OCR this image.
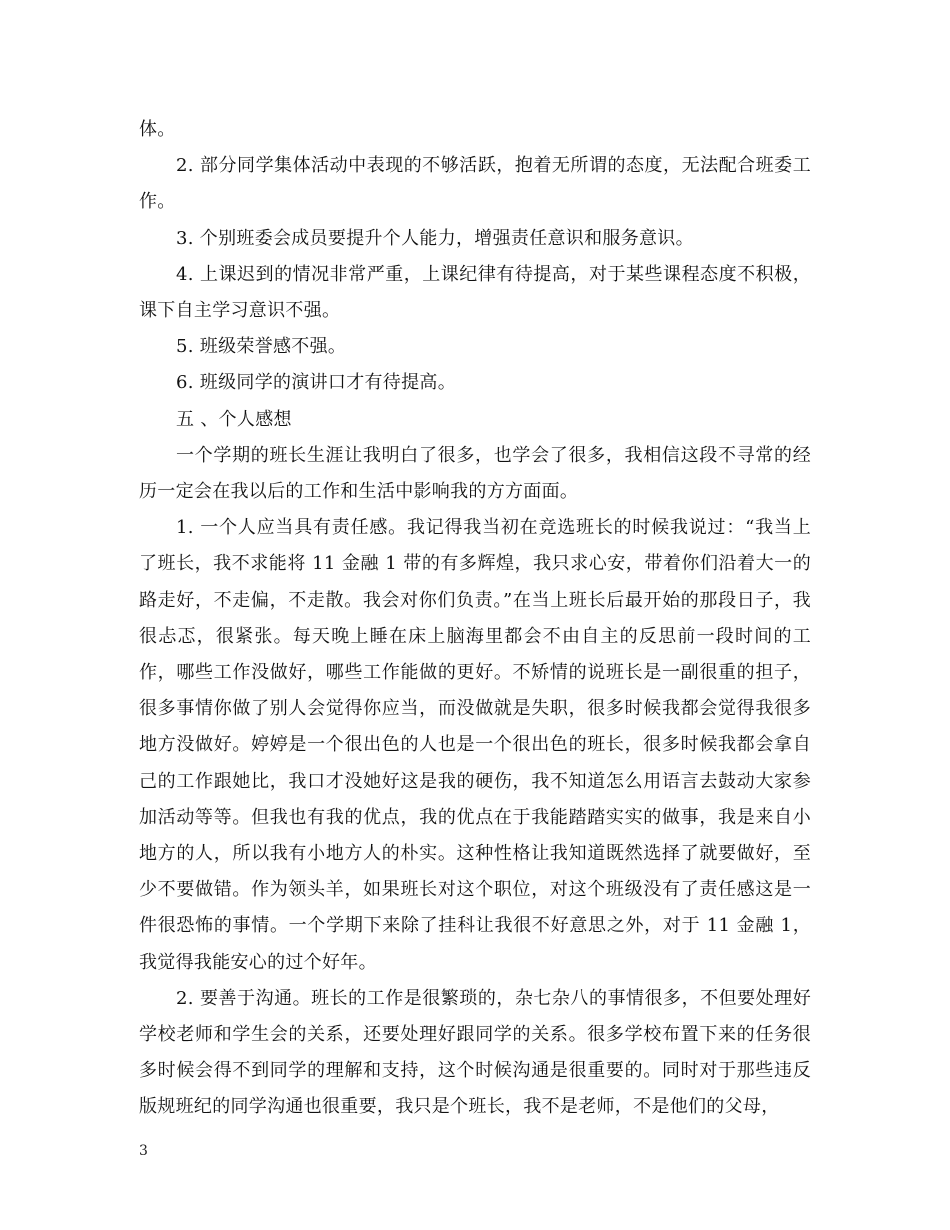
体。

2. 部分同学集体活动中表现的不够活跃，抱着无所谓的态度，无法配合班委工作。

3. 个别班委会成员要提升个人能力，增强责任意识和服务意识。

4. 上课迟到的情况非常严重，上课纪律有待提高，对于某些课程态度不积极，课下自主学习意识不强。

5. 班级荣誉感不强。

6. 班级同学的演讲口才有待提高。

五 、个人感想

一个学期的班长生涯让我明白了很多，也学会了很多，我相信这段不寻常的经历一定会在我以后的工作和生活中影响我的方方面面。

1. 一个人应当具有责任感。我记得我当初在竞选班长的时候我说过：“我当上了班长，我不求能将 11 金融 1 带的有多辉煌，我只求心安，带着你们沿着大一的路走好，不走偏，不走散。我会对你们负责。”在当上班长后最开始的那段日子，我很忐忑，很紧张。每天晚上睡在床上脑海里都会不由自主的反思前一段时间的工作，哪些工作没做好，哪些工作能做的更好。不矫情的说班长是一副很重的担子，很多事情你做了别人会觉得你应当，而没做就是失职，很多时候我都会觉得我很多地方没做好。婷婷是一个很出色的人也是一个很出色的班长，很多时候我都会拿自己的工作跟她比，我口才没她好这是我的硬伤，我不知道怎么用语言去鼓动大家参加活动等等。但我也有我的优点，我的优点在于我能踏踏实实的做事，我是来自小地方的人，所以我有小地方人的朴实。这种性格让我知道既然选择了就要做好，至少不要做错。作为领头羊，如果班长对这个职位，对这个班级没有了责任感这是一件很恐怖的事情。一个学期下来除了挂科让我很不好意思之外，对于 11 金融 1，我觉得我能安心的过个好年。

2. 要善于沟通。班长的工作是很繁琐的，杂七杂八的事情很多，不但要处理好学校老师和学生会的关系，还要处理好跟同学的关系。很多学校布置下来的任务很多时候会得不到同学的理解和支持，这个时候沟通是很重要的。同时对于那些违反版规班纪的同学沟通也很重要，我只是个班长，我不是老师，不是他们的父母，

3
